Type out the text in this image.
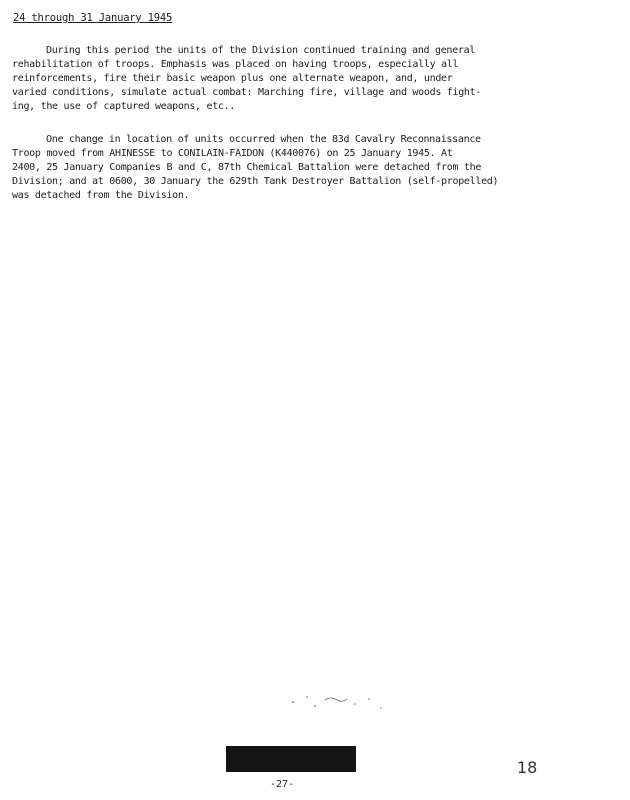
24 through 31 January 1945
During this period the units of the Division continued training and general
rehabilitation of troops. Emphasis was placed on having troops, especially all
reinforcements, fire their basic weapon plus one alternate weapon, and, under
varied conditions, simulate actual combat: Marching fire, village and woods fight-
ing, the use of captured weapons, etc..
One change in location of units occurred when the 83d Cavalry Reconnaissance
Troop moved from AHINESSE to CONILAIN-FAIDON (K440076) on 25 January 1945. At
2400, 25 January Companies B and C, 87th Chemical Battalion were detached from the
Division; and at 0600, 30 January the 629th Tank Destroyer Battalion (self-propelled)
was detached from the Division.
-27-
18
